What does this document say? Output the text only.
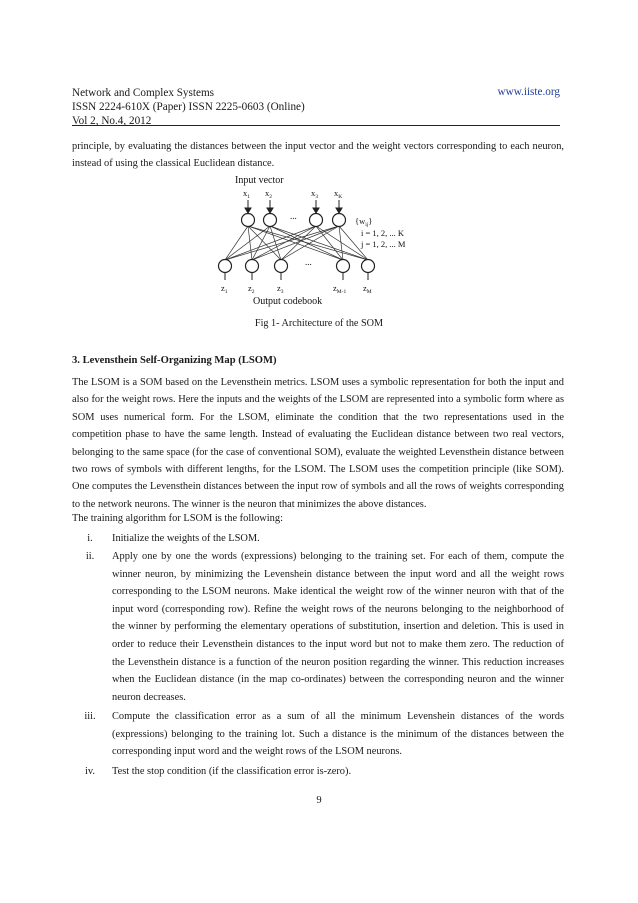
Network and Complex Systems
ISSN 2224-610X (Paper) ISSN 2225-0603 (Online)
Vol 2, No.4, 2012
www.iiste.org

principle, by evaluating the distances between the input vector and the weight vectors corresponding to each neuron, instead of using the classical Euclidean distance.

Input vector
$x_1$ $x_2$	$x_3$ $x_K$
...	$\{w_{ij}\}$
i = 1, 2, ... K
j = 1, 2, ... M
...
$z_1$ $z_2$	$z_3$	$z_{M-1}$ $z_M$
Output codebook
Fig 1- Architecture of the SOM
3. Levensthein Self-Organizing Map (LSOM)

The LSOM is a SOM based on the Levensthein metrics. LSOM uses a symbolic representation for both the input and also for the weight rows. Here the inputs and the weights of the LSOM are represented into a symbolic form where as SOM uses numerical form. For the LSOM, eliminate the condition that the two representations used in the competition phase to have the same length. Instead of evaluating the Euclidean distance between two real vectors, belonging to the same space (for the case of conventional SOM), evaluate the weighted Levensthein distance between two rows of symbols with different lengths, for the LSOM. The LSOM uses the competition principle (like SOM). One computes the Levensthein distances between the input row of symbols and all the rows of weights corresponding to the network neurons. The winner is the neuron that minimizes the above distances.

The training algorithm for LSOM is the following:
i.	Initialize the weights of the LSOM.

ii.	Apply one by one the words (expressions) belonging to the training set. For each of them, compute the winner neuron, by minimizing the Levenshein distance between the input word and all the weight rows corresponding to the LSOM neurons. Make identical the weight row of the winner neuron with that of the input word (corresponding row). Refine the weight rows of the neurons belonging to the neighborhood of the winner by performing the elementary operations of substitution, insertion and deletion. This is used in order to reduce their Levensthein distances to the input word but not to make them zero. The reduction of the Levensthein distance is a function of the neuron position regarding the winner. This reduction increases when the Euclidean distance (in the map co-ordinates) between the corresponding neuron and the winner neuron decreases.

iii.	Compute the classification error as a sum of all the minimum Levenshein distances of the words (expressions) belonging to the training lot. Such a distance is the minimum of the distances between the corresponding input word and the weight rows of the LSOM neurons.

iv.	Test the stop condition (if the classification error is-zero).

9
